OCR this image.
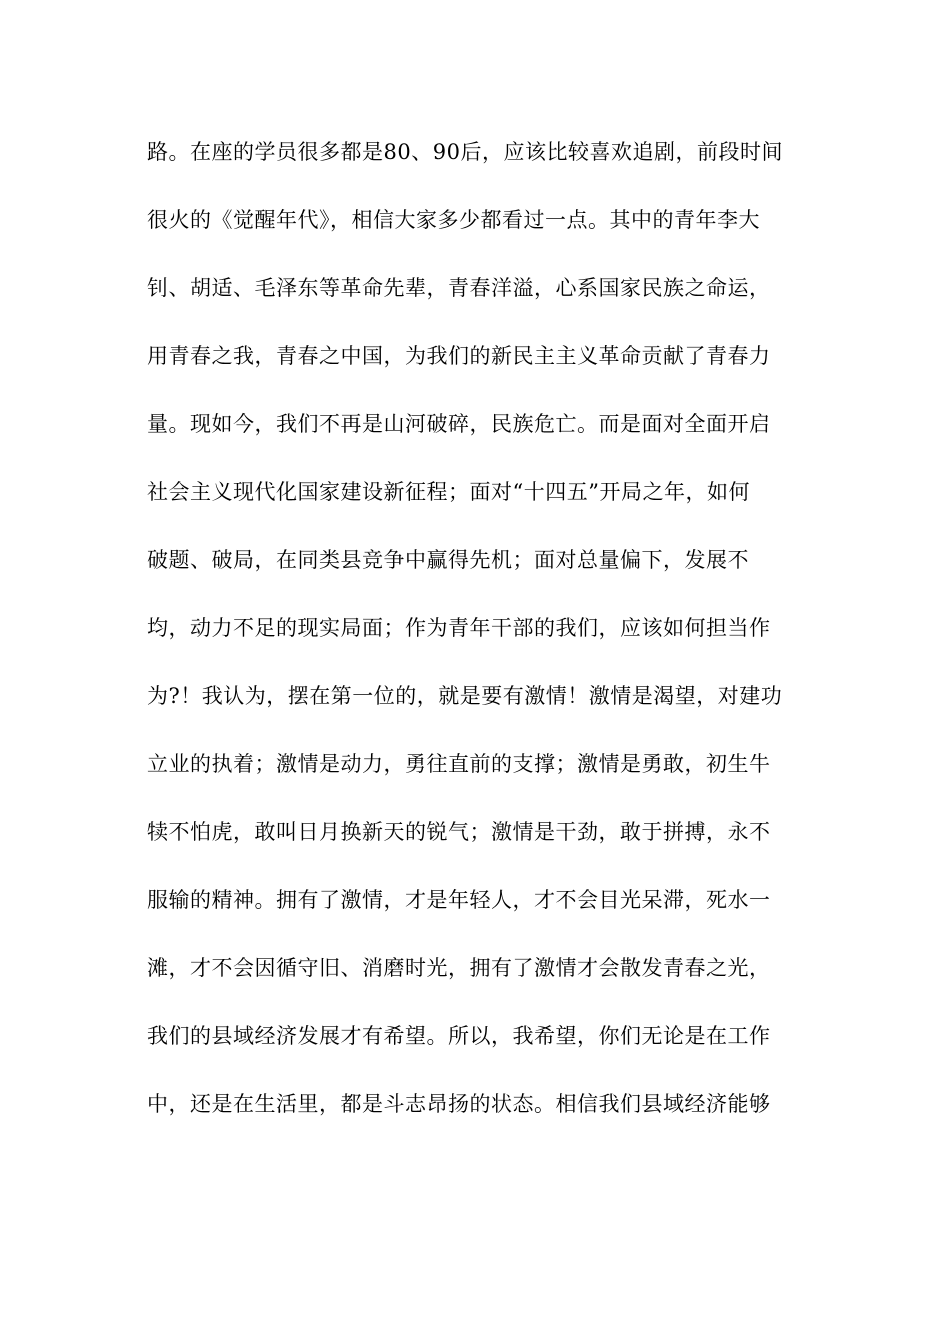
路。在座的学员很多都是80、90后，应该比较喜欢追剧，前段时间
很火的《觉醒年代》，相信大家多少都看过一点。其中的青年李大
钊、胡适、毛泽东等革命先辈，青春洋溢，心系国家民族之命运，
用青春之我，青春之中国，为我们的新民主主义革命贡献了青春力
量。现如今，我们不再是山河破碎，民族危亡。而是面对全面开启
社会主义现代化国家建设新征程；面对“十四五”开局之年，如何
破题、破局，在同类县竞争中赢得先机；面对总量偏下，发展不
均，动力不足的现实局面；作为青年干部的我们，应该如何担当作
为?！我认为，摆在第一位的，就是要有激情！激情是渴望，对建功
立业的执着；激情是动力，勇往直前的支撑；激情是勇敢，初生牛
犊不怕虎，敢叫日月换新天的锐气；激情是干劲，敢于拼搏，永不
服输的精神。拥有了激情，才是年轻人，才不会目光呆滞，死水一
滩，才不会因循守旧、消磨时光，拥有了激情才会散发青春之光，
我们的县域经济发展才有希望。所以，我希望，你们无论是在工作
中，还是在生活里，都是斗志昂扬的状态。相信我们县域经济能够
